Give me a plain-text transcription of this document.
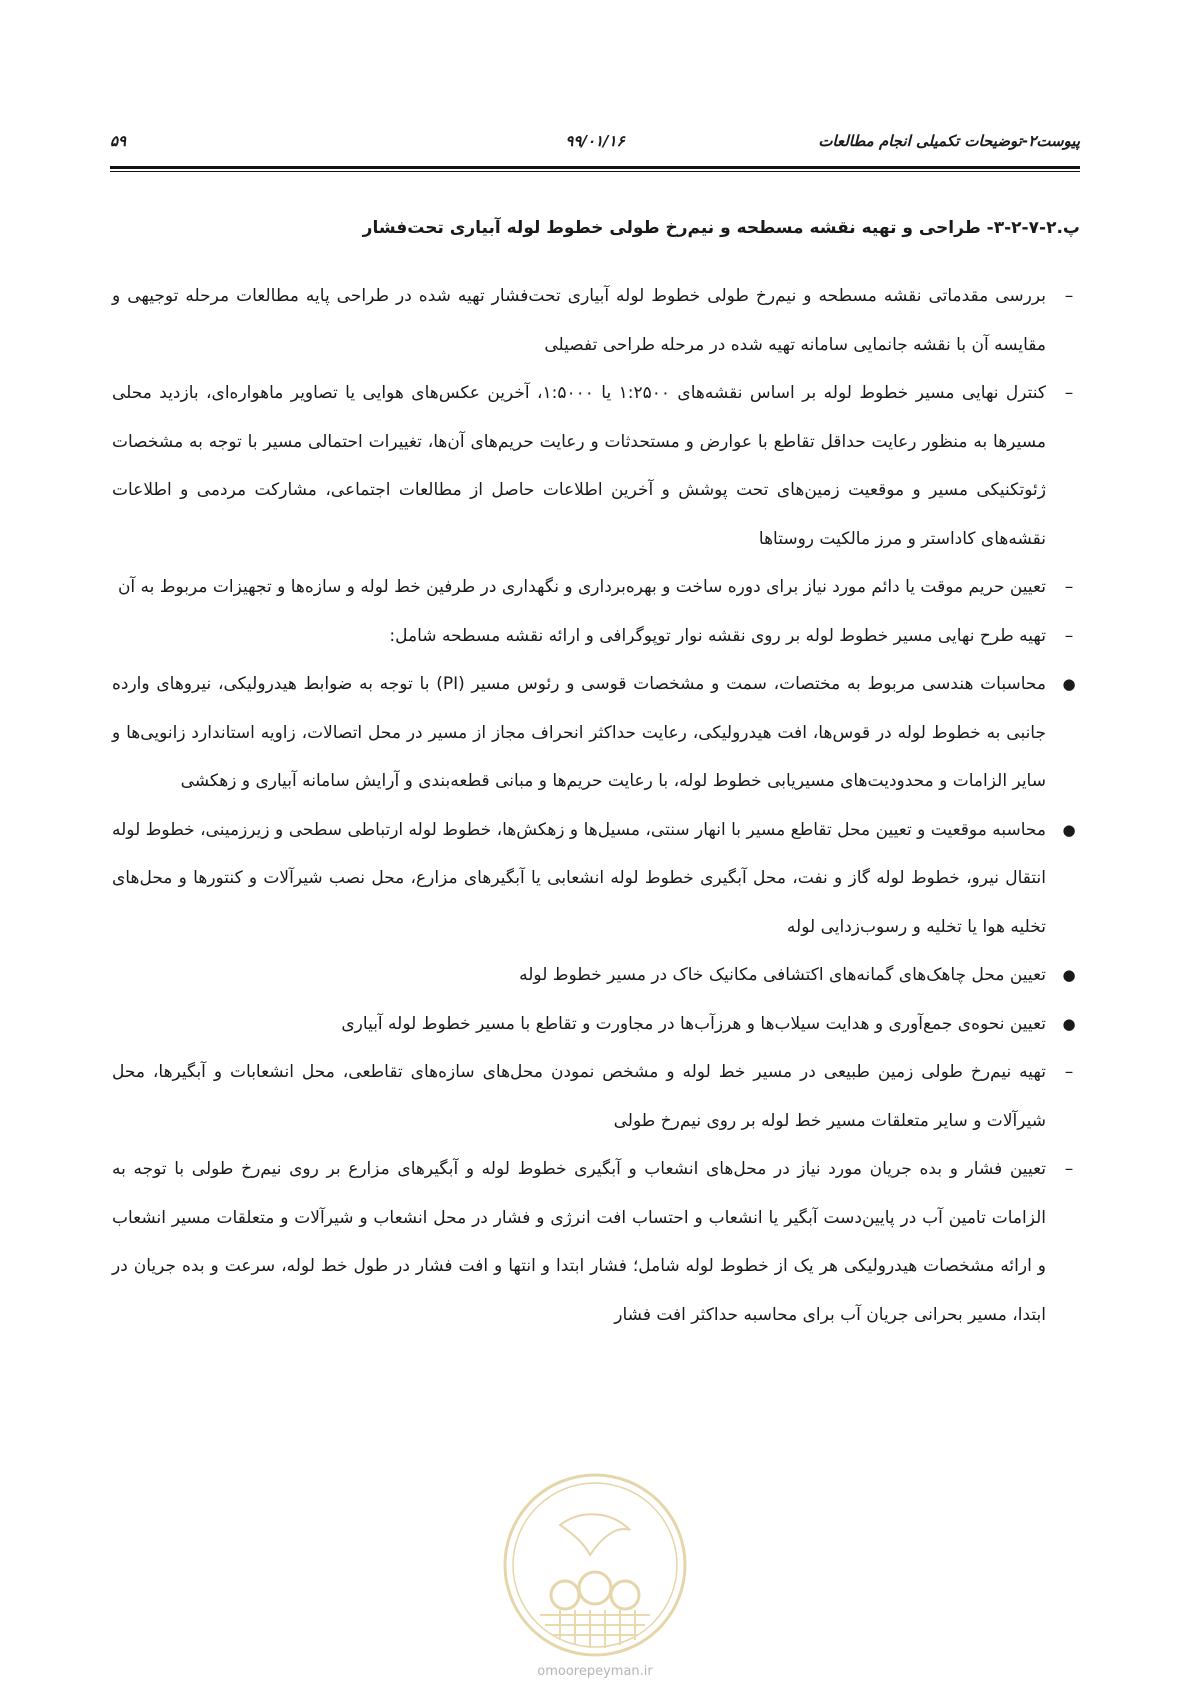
پیوست۲-توضیحات تکمیلی انجام مطالعات
۹۹/۰۱/۱۶
۵۹
پ.۲-۷-۲-۳- طراحی و تهیه نقشه مسطحه و نیم‌رخ طولی خطوط لوله آبیاری تحت‌فشار
–
بررسی مقدماتی نقشه مسطحه و نیم‌رخ طولی خطوط لوله آبیاری تحت‌فشار تهیه شده در طراحی پایه مطالعات مرحله توجیهی و مقایسه آن با نقشه جانمایی سامانه تهیه شده در مرحله طراحی تفصیلی
–
کنترل نهایی مسیر خطوط لوله بر اساس نقشه‌های ۱:۲۵۰۰ یا ۱:۵۰۰۰، آخرین عکس‌های هوایی یا تصاویر ماهواره‌ای، بازدید محلی مسیرها به منظور رعایت حداقل تقاطع با عوارض و مستحدثات و رعایت حریم‌های آن‌ها، تغییرات احتمالی مسیر با توجه به مشخصات ژئوتکنیکی مسیر و موقعیت زمین‌های تحت پوشش و آخرین اطلاعات حاصل از مطالعات اجتماعی، مشارکت مردمی و اطلاعات نقشه‌های کاداستر و مرز مالکیت روستاها
–
تعیین حریم موقت یا دائم مورد نیاز برای دوره ساخت و بهره‌برداری و نگهداری در طرفین خط لوله و سازه‌ها و تجهیزات مربوط به آن
–
تهیه طرح نهایی مسیر خطوط لوله بر روی نقشه نوار توپوگرافی و ارائه نقشه مسطحه شامل:
●
محاسبات هندسی مربوط به مختصات، سمت و مشخصات قوسی و رئوس مسیر (PI) با توجه به ضوابط هیدرولیکی، نیروهای وارده جانبی به خطوط لوله در قوس‌ها، افت هیدرولیکی، رعایت حداکثر انحراف مجاز از مسیر در محل اتصالات، زاویه استاندارد زانویی‌ها و سایر الزامات و محدودیت‌های مسیریابی خطوط لوله، با رعایت حریم‌ها و مبانی قطعه‌بندی و آرایش سامانه آبیاری و زهکشی
●
محاسبه موقعیت و تعیین محل تقاطع مسیر با انهار سنتی، مسیل‌ها و زهکش‌ها، خطوط لوله ارتباطی سطحی و زیرزمینی، خطوط لوله انتقال نیرو، خطوط لوله گاز و نفت، محل آبگیری خطوط لوله انشعابی یا آبگیرهای مزارع، محل نصب شیرآلات و کنتورها و محل‌های تخلیه هوا یا تخلیه و رسوب‌زدایی لوله
●
تعیین محل چاهک‌های گمانه‌های اکتشافی مکانیک خاک در مسیر خطوط لوله
●
تعیین نحوه‌ی جمع‌آوری و هدایت سیلاب‌ها و هرزآب‌ها در مجاورت و تقاطع با مسیر خطوط لوله آبیاری
–
تهیه نیم‌رخ طولی زمین طبیعی در مسیر خط لوله و مشخص نمودن محل‌های سازه‌های تقاطعی، محل انشعابات و آبگیرها، محل شیرآلات و سایر متعلقات مسیر خط لوله بر روی نیم‌رخ طولی
–
تعیین فشار و بده جریان مورد نیاز در محل‌های انشعاب و آبگیری خطوط لوله و آبگیرهای مزارع بر روی نیم‌رخ طولی با توجه به الزامات تامین آب در پایین‌دست آبگیر یا انشعاب و احتساب افت انرژی و فشار در محل انشعاب و شیرآلات و متعلقات مسیر انشعاب و ارائه مشخصات هیدرولیکی هر یک از خطوط لوله شامل؛ فشار ابتدا و انتها و افت فشار در طول خط لوله، سرعت و بده جریان در ابتدا، مسیر بحرانی جریان آب برای محاسبه حداکثر افت فشار
omoorepeyman.ir
